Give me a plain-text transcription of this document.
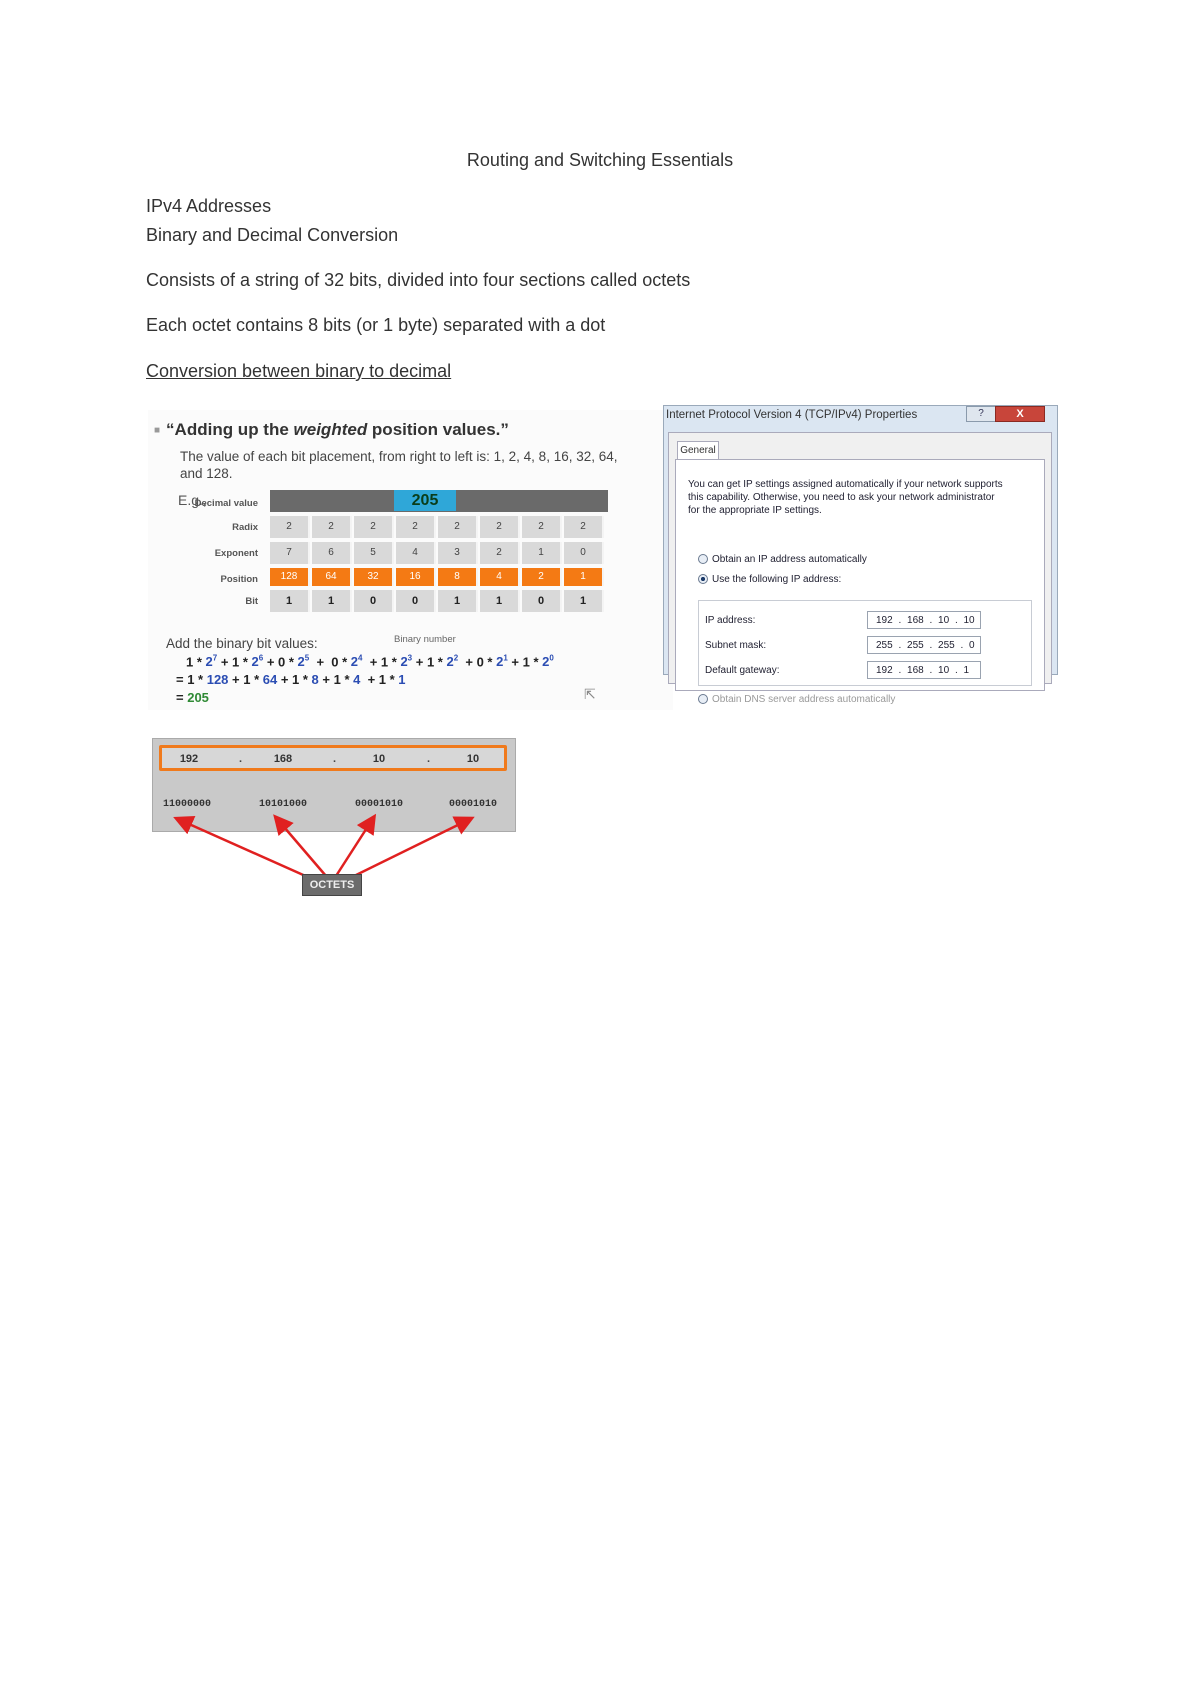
Routing and Switching Essentials
IPv4 Addresses
Binary and Decimal Conversion
Consists of a string of 32 bits, divided into four sections called octets
Each octet contains 8 bits (or 1 byte) separated with a dot
Conversion between binary to decimal
■ “Adding up the weighted position values.”
The value of each bit placement, from right to left is: 1, 2, 4, 8, 16, 32, 64, and 128.
E.g.,
Decimal value	205
Radix	2	2	2	2	2	2	2	2
Exponent	7	6	5	4	3	2	1	0
Position	128	64	32	16	8	4	2	1
Bit	1	1	0	0	1	1	0	1
Binary number
Add the binary bit values:
$1 * 2^7 + 1 * 2^6 + 0 * 2^5 + 0 * 2^4 + 1 * 2^3 + 1 * 2^2 + 0 * 2^1 + 1 * 2^0$
= 1 * 128 + 1 * 64 + 1 * 8 + 1 * 4  + 1 * 1
= 205	⇱
Internet Protocol Version 4 (TCP/IPv4) Properties	?	X
General
You can get IP settings assigned automatically if your network supports this capability. Otherwise, you need to ask your network administrator for the appropriate IP settings.
Obtain an IP address automatically
Use the following IP address:
IP address:	192 . 168 . 10 . 10
Subnet mask:	255 . 255 . 255 . 0
Default gateway:	192 . 168 . 10 . 1
Obtain DNS server address automatically
192	.	168	.	10	.	10
11000000	10101000	00001010	00001010
OCTETS
